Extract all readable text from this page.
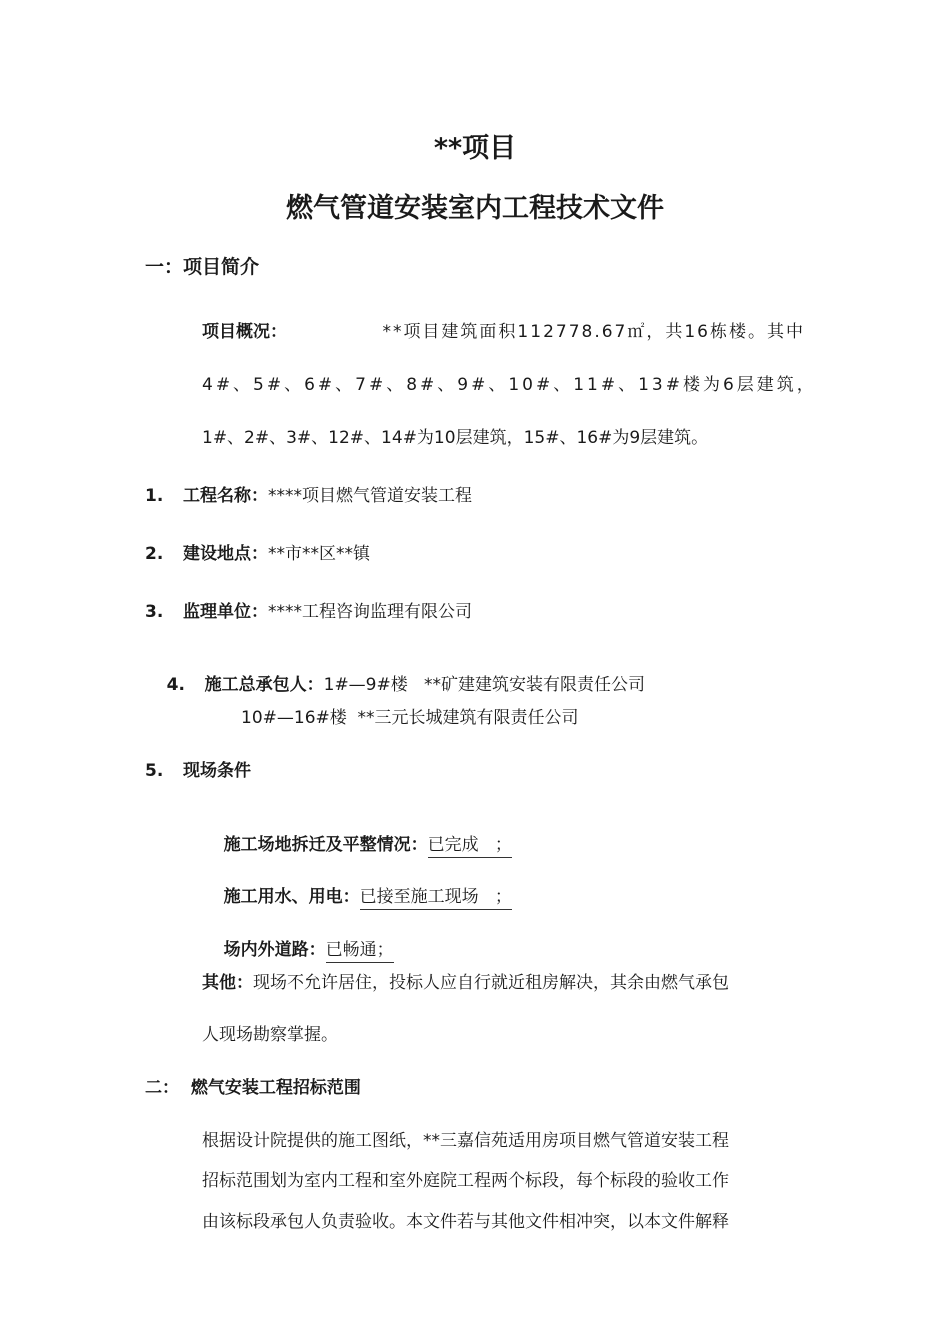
**项目
燃气管道安装室内工程技术文件
一：项目简介
项目概况：	**项目建筑面积112778.67㎡，共16栋楼。其中
4#、5#、6#、7#、8#、9#、10#、11#、13#楼为6层建筑，
1#、2#、3#、12#、14#为10层建筑，15#、16#为9层建筑。
1. 工程名称：****项目燃气管道安装工程
2. 建设地点：**市**区**镇
3. 监理单位：****工程咨询监理有限公司

4. 施工总承包人：1#—9#楼   **矿建建筑安装有限责任公司

10#—16#楼  **三元长城建筑有限责任公司
5. 现场条件

施工场地拆迁及平整情况：已完成   ；

施工用水、用电：已接至施工现场   ；

场内外道路：已畅通；

其他：现场不允许居住，投标人应自行就近租房解决，其余由燃气承包
人现场勘察掌握。
二：  燃气安装工程招标范围
根据设计院提供的施工图纸，**三嘉信苑适用房项目燃气管道安装工程
招标范围划为室内工程和室外庭院工程两个标段，每个标段的验收工作
由该标段承包人负责验收。本文件若与其他文件相冲突，以本文件解释
